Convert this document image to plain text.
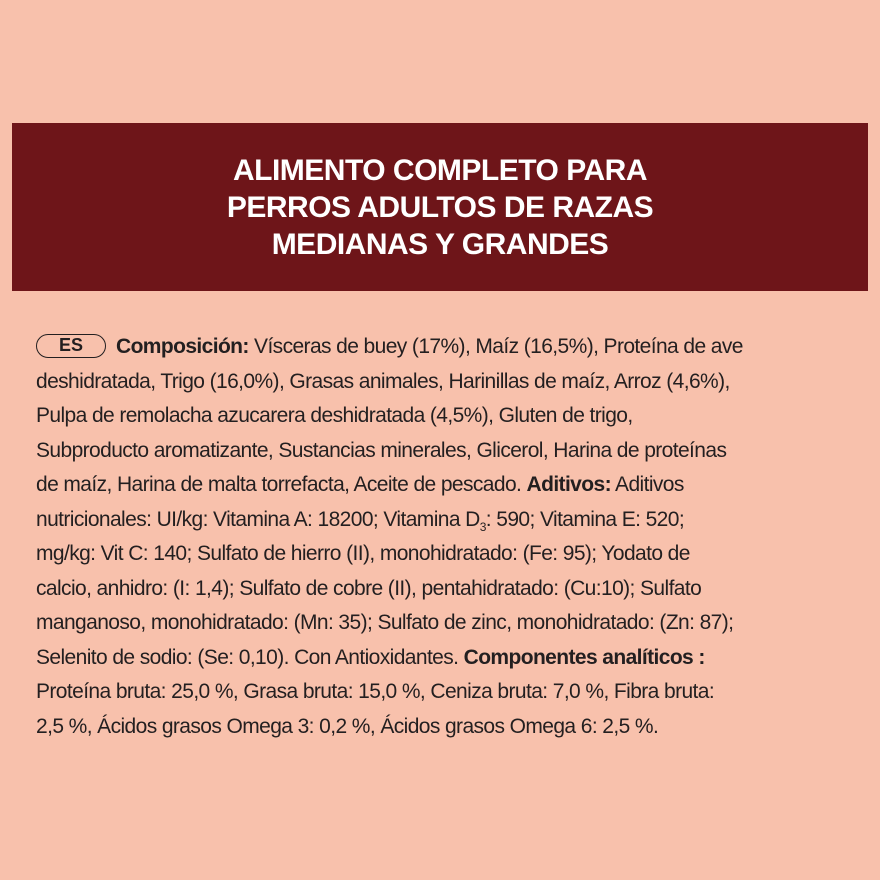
ALIMENTO COMPLETO PARA
PERROS ADULTOS DE RAZAS
MEDIANAS Y GRANDES
ES Composición: Vísceras de buey (17%), Maíz (16,5%), Proteína de ave
deshidratada, Trigo (16,0%), Grasas animales, Harinillas de maíz, Arroz (4,6%),
Pulpa de remolacha azucarera deshidratada (4,5%), Gluten de trigo,
Subproducto aromatizante, Sustancias minerales, Glicerol, Harina de proteínas
de maíz, Harina de malta torrefacta, Aceite de pescado. Aditivos: Aditivos
nutricionales: UI/kg: Vitamina A: 18200; Vitamina $D_3$: 590; Vitamina E: 520;
mg/kg: Vit C: 140; Sulfato de hierro (II), monohidratado: (Fe: 95); Yodato de
calcio, anhidro: (I: 1,4); Sulfato de cobre (II), pentahidratado: (Cu:10); Sulfato
manganoso, monohidratado: (Mn: 35); Sulfato de zinc, monohidratado: (Zn: 87);
Selenito de sodio: (Se: 0,10). Con Antioxidantes. Componentes analíticos :
Proteína bruta: 25,0 %, Grasa bruta: 15,0 %, Ceniza bruta: 7,0 %, Fibra bruta:
2,5 %, Ácidos grasos Omega 3: 0,2 %, Ácidos grasos Omega 6: 2,5 %.
